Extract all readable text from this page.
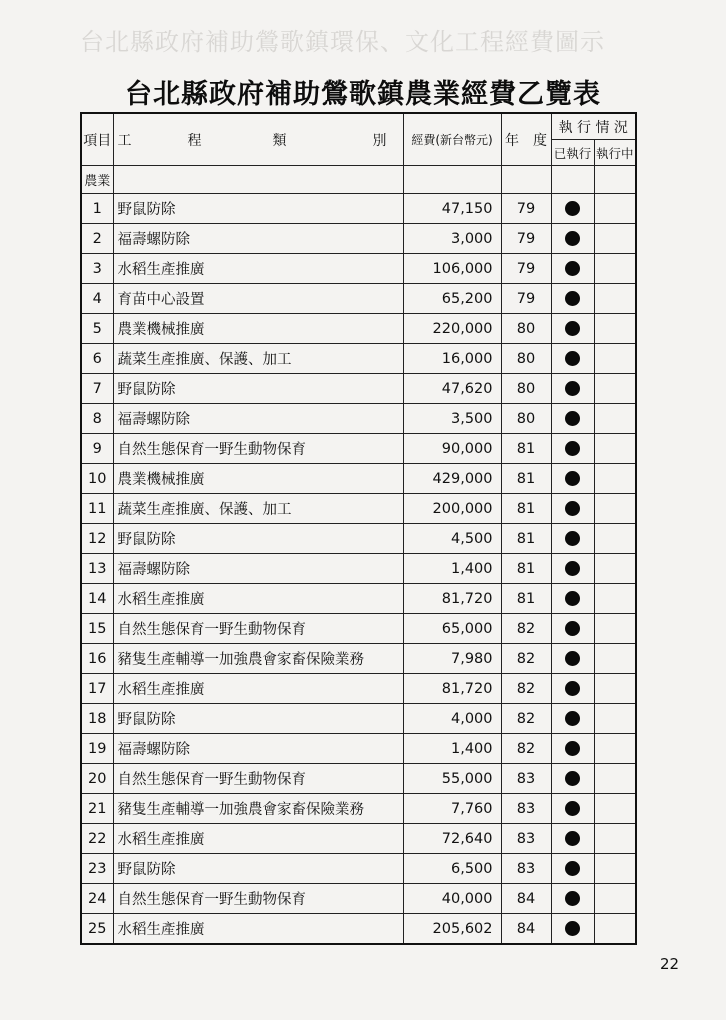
台北縣政府補助鶯歌鎮環保、文化工程經費圖示
台北縣政府補助鶯歌鎮農業經費乙覽表
項目	工 程 類 別	經費(新台幣元)	年　度	執 行 情 況	
				已執行	執行中
農業					
1	野鼠防除	47,150	79		
2	福壽螺防除	3,000	79		
3	水稻生產推廣	106,000	79		
4	育苗中心設置	65,200	79		
5	農業機械推廣	220,000	80		
6	蔬菜生產推廣、保護、加工	16,000	80		
7	野鼠防除	47,620	80		
8	福壽螺防除	3,500	80		
9	自然生態保育一野生動物保育	90,000	81		
10	農業機械推廣	429,000	81		
11	蔬菜生產推廣、保護、加工	200,000	81		
12	野鼠防除	4,500	81		
13	福壽螺防除	1,400	81		
14	水稻生產推廣	81,720	81		
15	自然生態保育一野生動物保育	65,000	82		
16	豬隻生產輔導一加強農會家畜保險業務	7,980	82		
17	水稻生產推廣	81,720	82		
18	野鼠防除	4,000	82		
19	福壽螺防除	1,400	82		
20	自然生態保育一野生動物保育	55,000	83		
21	豬隻生產輔導一加強農會家畜保險業務	7,760	83		
22	水稻生產推廣	72,640	83		
23	野鼠防除	6,500	83		
24	自然生態保育一野生動物保育	40,000	84		
25	水稻生產推廣	205,602	84		
22
